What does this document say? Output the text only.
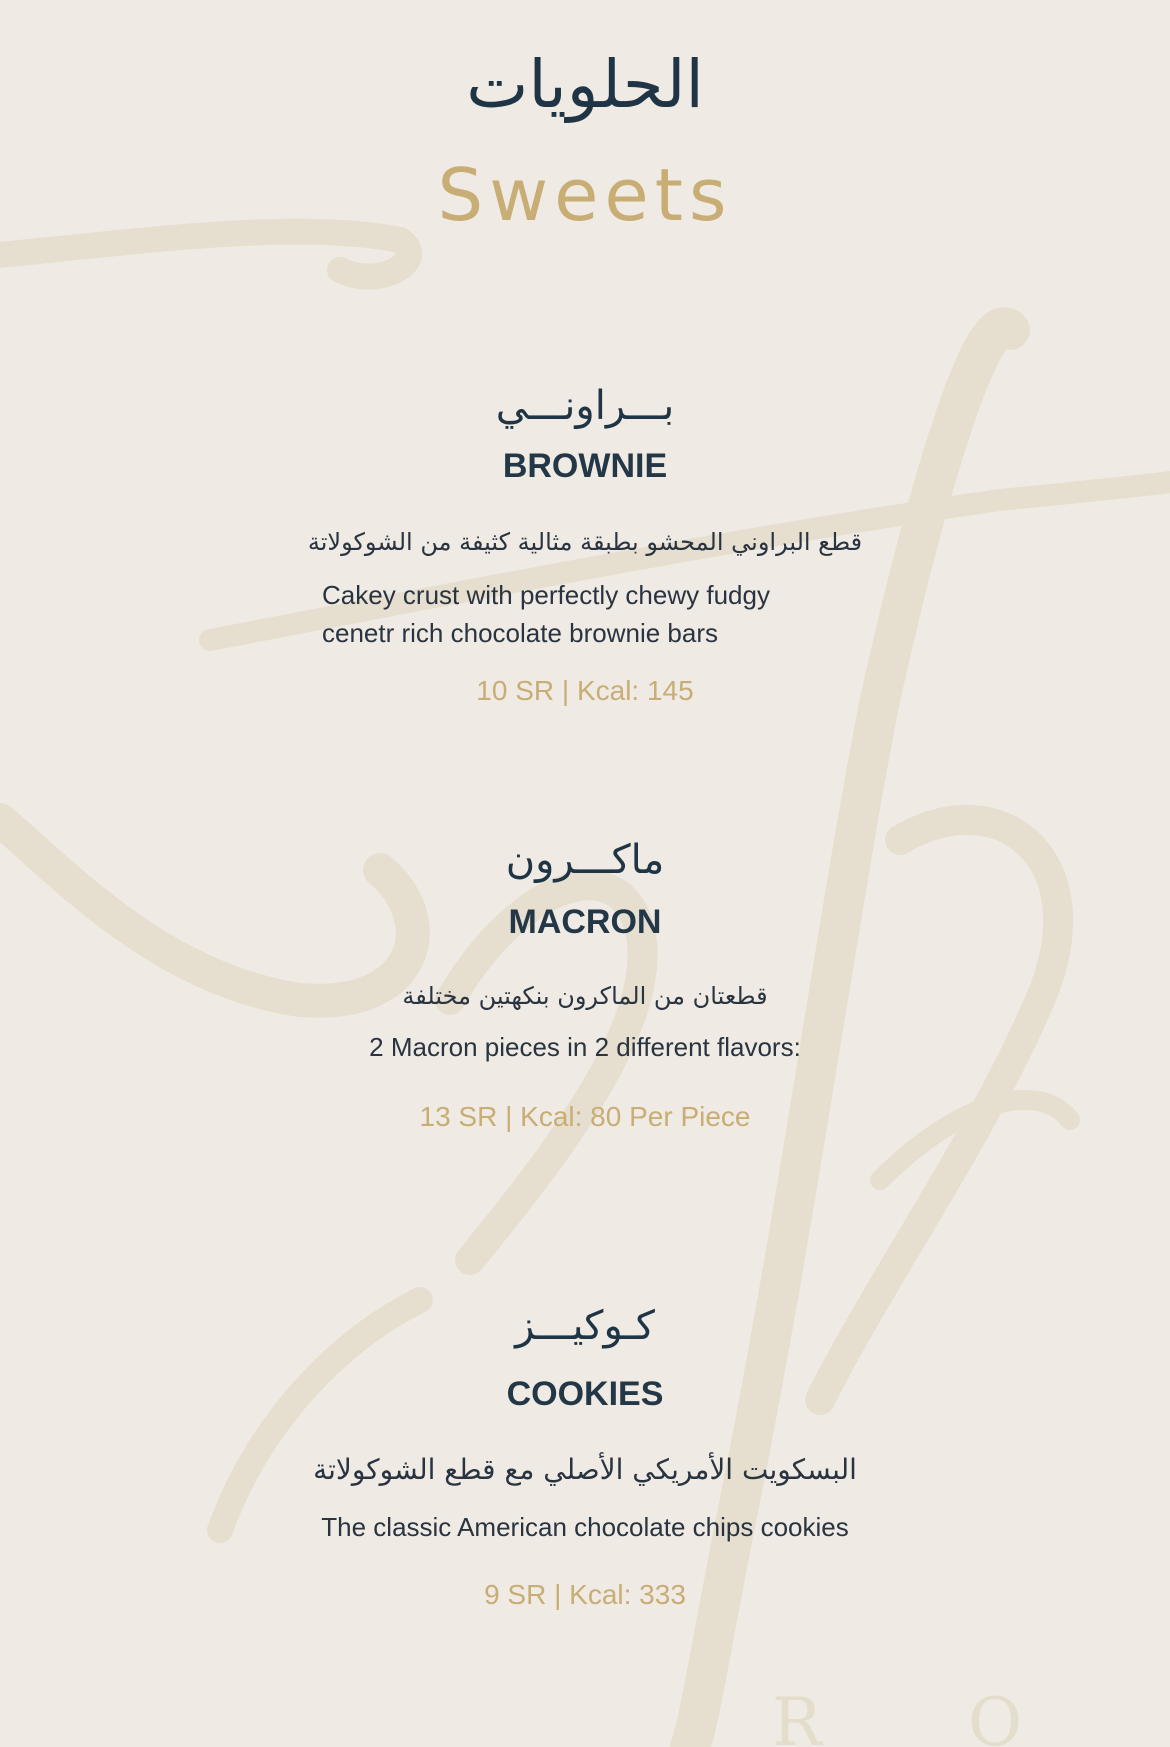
R O
الحلويات
Sweets
بـــراونـــي
BROWNIE
قطع البراوني المحشو بطبقة مثالية كثيفة من الشوكولاتة
Cakey crust with perfectly chewy fudgy
cenetr rich chocolate brownie bars
10 SR | Kcal: 145
ماكـــرون
MACRON
قطعتان من الماكرون بنكهتين مختلفة
2 Macron pieces in 2 different flavors:
13 SR | Kcal: 80 Per Piece
كـوكيـــز
COOKIES
البسكويت الأمريكي الأصلي مع قطع الشوكولاتة
The classic American chocolate chips cookies
9 SR | Kcal: 333
